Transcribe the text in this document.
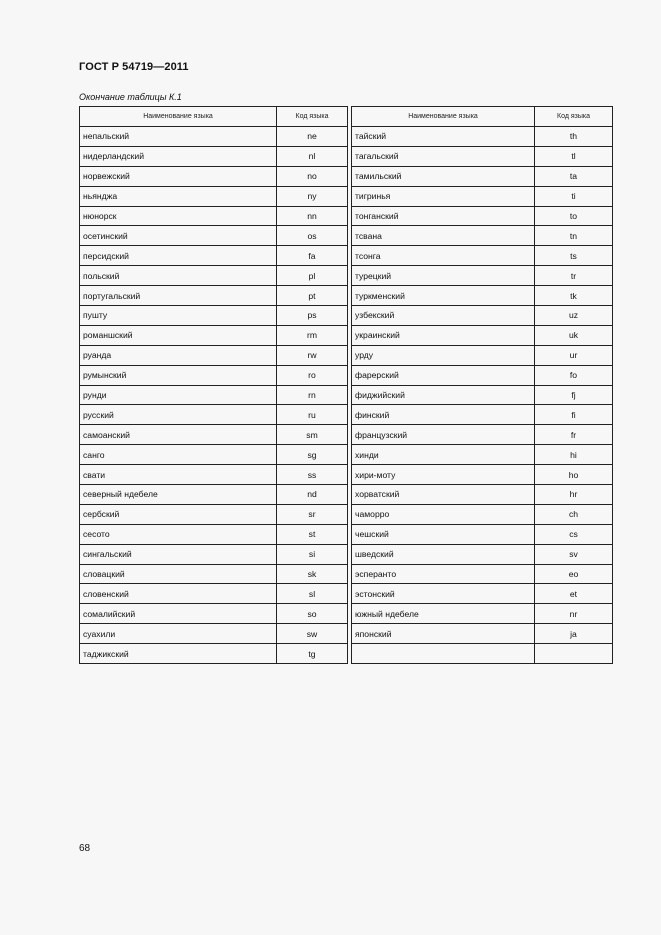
ГОСТ Р 54719—2011
Окончание таблицы К.1
Наименование языка	Код языка
непальский	ne
нидерландский	nl
норвежский	no
ньянджа	ny
нюнорск	nn
осетинский	os
персидский	fa
польский	pl
португальский	pt
пушту	ps
романшский	rm
руанда	rw
румынский	ro
рунди	rn
русский	ru
самоанский	sm
санго	sg
свати	ss
северный ндебеле	nd
сербский	sr
сесото	st
сингальский	si
словацкий	sk
словенский	sl
сомалийский	so
суахили	sw
таджикский	tg
Наименование языка	Код языка
тайский	th
тагальский	tl
тамильский	ta
тигринья	ti
тонганский	to
тсвана	tn
тсонга	ts
турецкий	tr
туркменский	tk
узбекский	uz
украинский	uk
урду	ur
фарерский	fo
фиджийский	fj
финский	fi
французский	fr
хинди	hi
хири-моту	ho
хорватский	hr
чаморро	ch
чешский	cs
шведский	sv
эсперантo	eo
эстонский	et
южный ндебеле	nr
японский	ja

68
